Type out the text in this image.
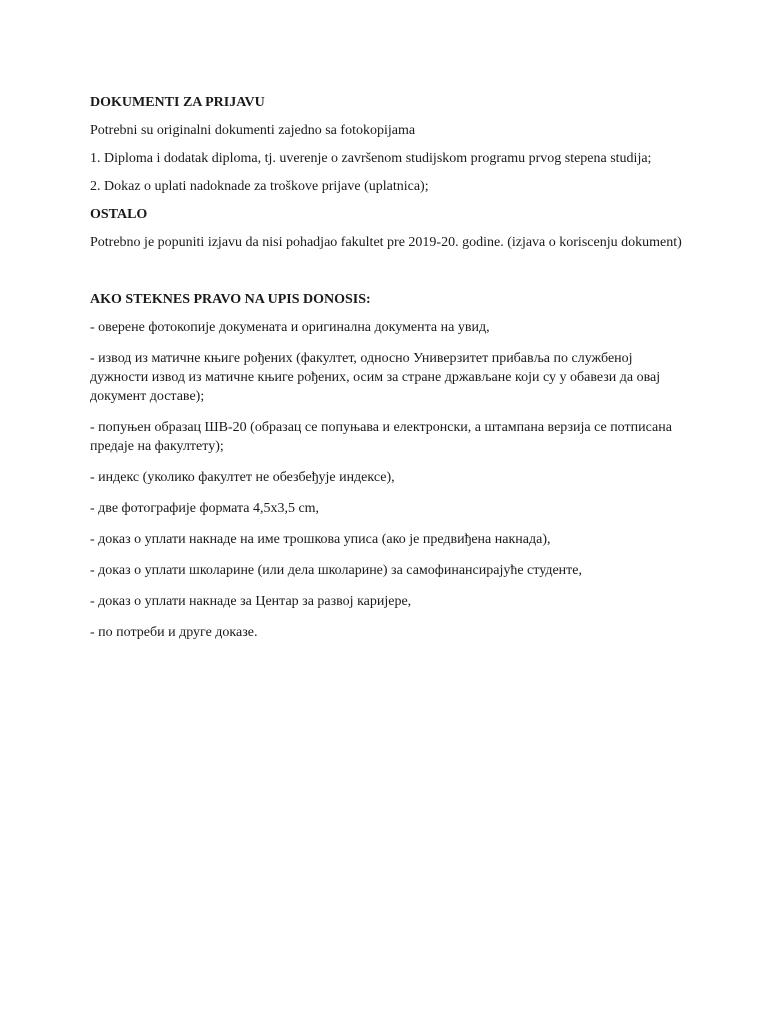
DOKUMENTI ZA PRIJAVU
Potrebni su originalni dokumenti zajedno sa fotokopijama
1. Diploma i dodatak diploma, tj. uverenje o završenom studijskom programu prvog stepena studija;
2. Dokaz o uplati nadoknade za troškove prijave (uplatnica);
OSTALO
Potrebno je popuniti izjavu da nisi pohadjao fakultet pre 2019-20. godine. (izjava o koriscenju dokument)
AKO STEKNES PRAVO NA UPIS DONOSIS:
- оверене фотокопије докумената и оригинална документа на увид,
- извод из матичне књиге рођених (факултет, односно Универзитет прибавља по службеној дужности извод из матичне књиге рођених, осим за стране држављане који су у обавези да овај документ доставе);
- попуњен образац ШВ-20 (образац се попуњава и електронски, а штампана верзија се потписана предаје на факултету);
- индекс (уколико факултет не обезбеђује индексе),
- две фотографије формата 4,5x3,5 cm,
- доказ о уплати накнаде на име трошкова уписа (ако је предвиђена накнада),
- доказ о уплати школарине (или дела школарине) за самофинансирајуће студенте,
- доказ о уплати накнаде за Центар за развој каријере,
- по потреби и друге доказе.
